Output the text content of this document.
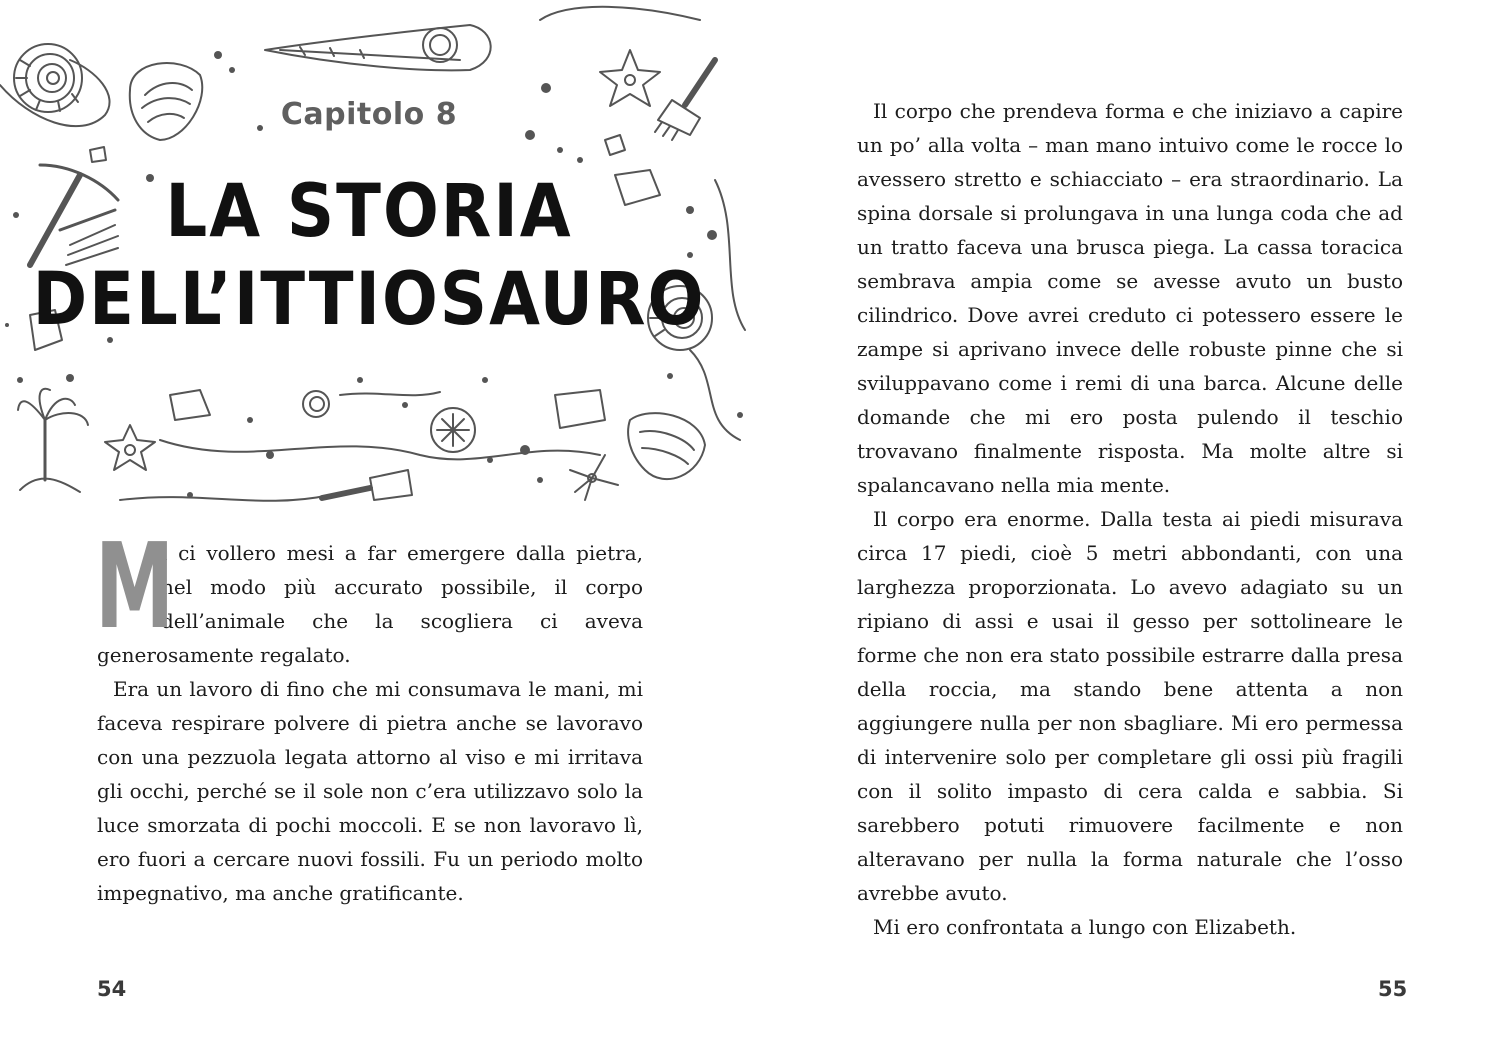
Capitolo 8
LA STORIA
DELL’ITTIOSAURO

M
i ci vollero mesi a far emergere dalla pietra, nel modo più accurato possibile, il corpo dell’animale che la scogliera ci aveva generosamente regalato.

Era un lavoro di fino che mi consumava le mani, mi faceva respirare polvere di pietra anche se lavoravo con una pezzuola legata attorno al viso e mi irritava gli occhi, perché se il sole non c’era utilizzavo solo la luce smorzata di pochi moccoli. E se non lavoravo lì, ero fuori a cercare nuovi fossili. Fu un periodo molto impegnativo, ma anche gratificante.

54

Il corpo che prendeva forma e che iniziavo a capire un po’ alla volta – man mano intuivo come le rocce lo avessero stretto e schiacciato – era straordinario. La spina dorsale si prolungava in una lunga coda che ad un tratto faceva una brusca piega. La cassa toracica sembrava ampia come se avesse avuto un busto cilindrico. Dove avrei creduto ci potessero essere le zampe si aprivano invece delle robuste pinne che si sviluppavano come i remi di una barca. Alcune delle domande che mi ero posta pulendo il teschio trovavano finalmente risposta. Ma molte altre si spalancavano nella mia mente.

Il corpo era enorme. Dalla testa ai piedi misurava circa 17 piedi, cioè 5 metri abbondanti, con una larghezza proporzionata. Lo avevo adagiato su un ripiano di assi e usai il gesso per sottolineare le forme che non era stato possibile estrarre dalla presa della roccia, ma stando bene attenta a non aggiungere nulla per non sbagliare. Mi ero permessa di intervenire solo per completare gli ossi più fragili con il solito impasto di cera calda e sabbia. Si sarebbero potuti rimuovere facilmente e non alteravano per nulla la forma naturale che l’osso avrebbe avuto.

Mi ero confrontata a lungo con Elizabeth.

55
